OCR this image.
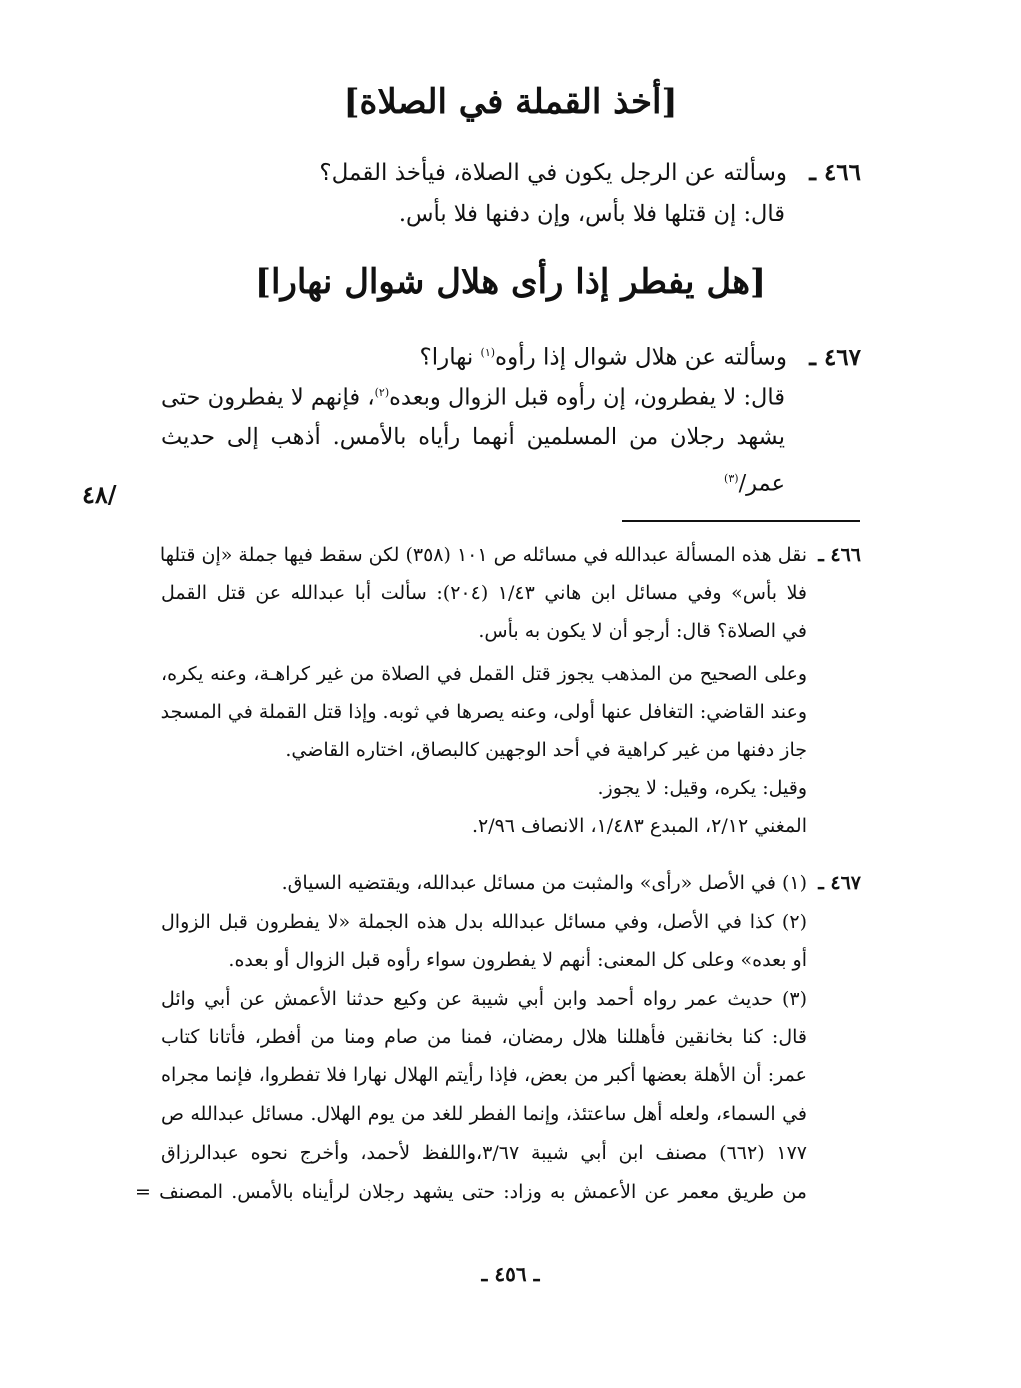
[أخذ القملة في الصلاة]
٤٦٦ ـوسألته عن الرجل يكون في الصلاة، فيأخذ القمل؟
قال: إن قتلها فلا بأس، وإن دفنها فلا بأس.
[هل يفطر إذا رأى هلال شوال نهارا]
٤٦٧ ـوسألته عن هلال شوال إذا رأوه$^{(١)}$ نهارا؟
قال: لا يفطرون، إن رأوه قبل الزوال وبعده$^{(٢)}$، فإنهم لا يفطرون حتى
يشهد رجلان من المسلمين أنهما رأياه بالأمس. أذهب إلى حديث
عمر/$^{(٣)}$
/٤٨
٤٦٦ ـ
نقل هذه المسألة عبدالله في مسائله ص ١٠١ (٣٥٨) لكن سقط فيها جملة «إن قتلها
فلا بأس» وفي مسائل ابن هاني ١/٤٣ (٢٠٤): سألت أبا عبدالله عن قتل القمل
في الصلاة؟ قال: أرجو أن لا يكون به بأس.
وعلى الصحيح من المذهب يجوز قتل القمل في الصلاة من غير كراهـة، وعنه يكره،
وعند القاضي: التغافل عنها أولى، وعنه يصرها في ثوبه. وإذا قتل القملة في المسجد
جاز دفنها من غير كراهية في أحد الوجهين كالبصاق، اختاره القاضي.
وقيل: يكره، وقيل: لا يجوز.
المغني ٢/١٢، المبدع ١/٤٨٣، الانصاف ٢/٩٦.
٤٦٧ ـ
(١) في الأصل «رأى» والمثبت من مسائل عبدالله، ويقتضيه السياق.
(٢) كذا في الأصل، وفي مسائل عبدالله بدل هذه الجملة «لا يفطرون قبل الزوال
أو بعده» وعلى كل المعنى: أنهم لا يفطرون سواء رأوه قبل الزوال أو بعده.
(٣) حديث عمر رواه أحمد وابن أبي شيبة عن وكيع حدثنا الأعمش عن أبي وائل
قال: كنا بخانقين فأهللنا هلال رمضان، فمنا من صام ومنا من أفطر، فأتانا كتاب
عمر: أن الأهلة بعضها أكبر من بعض، فإذا رأيتم الهلال نهارا فلا تفطروا، فإنما مجراه
في السماء، ولعله أهل ساعتئذ، وإنما الفطر للغد من يوم الهلال. مسائل عبدالله ص
١٧٧ (٦٦٢) مصنف ابن أبي شيبة ٣/٦٧،واللفظ لأحمد، وأخرج نحوه عبدالرزاق
من طريق معمر عن الأعمش به وزاد: حتى يشهد رجلان لرأيناه بالأمس. المصنف =
ـ ٤٥٦ ـ
